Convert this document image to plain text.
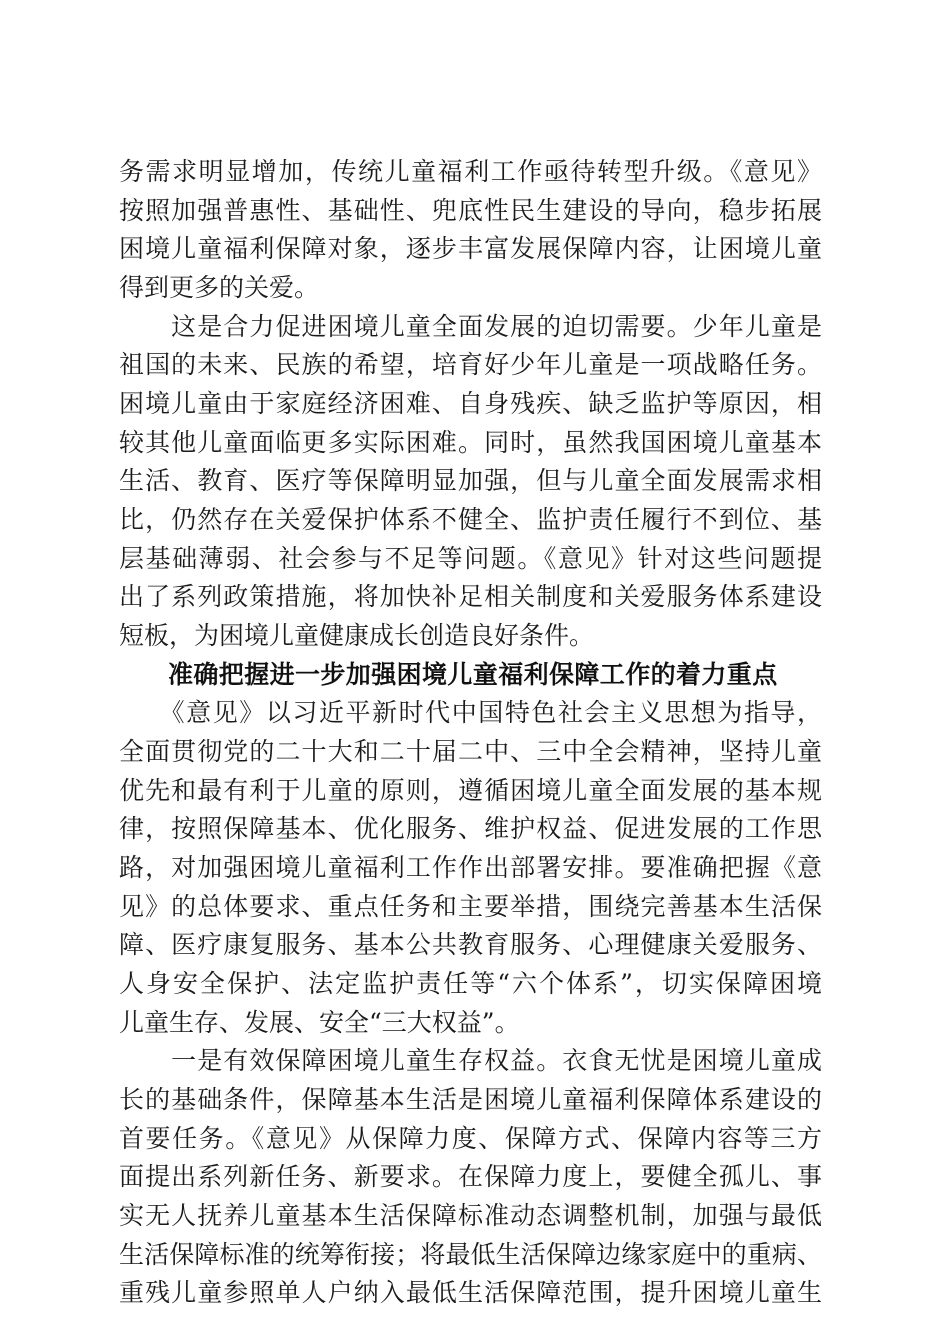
务需求明显增加，传统儿童福利工作亟待转型升级。《意见》
按照加强普惠性、基础性、兜底性民生建设的导向，稳步拓展
困境儿童福利保障对象，逐步丰富发展保障内容，让困境儿童
得到更多的关爱。
　　这是合力促进困境儿童全面发展的迫切需要。少年儿童是
祖国的未来、民族的希望，培育好少年儿童是一项战略任务。
困境儿童由于家庭经济困难、自身残疾、缺乏监护等原因，相
较其他儿童面临更多实际困难。同时，虽然我国困境儿童基本
生活、教育、医疗等保障明显加强，但与儿童全面发展需求相
比，仍然存在关爱保护体系不健全、监护责任履行不到位、基
层基础薄弱、社会参与不足等问题。《意见》针对这些问题提
出了系列政策措施，将加快补足相关制度和关爱服务体系建设
短板，为困境儿童健康成长创造良好条件。
准确把握进一步加强困境儿童福利保障工作的着力重点
　　《意见》以习近平新时代中国特色社会主义思想为指导，
全面贯彻党的二十大和二十届二中、三中全会精神，坚持儿童
优先和最有利于儿童的原则，遵循困境儿童全面发展的基本规
律，按照保障基本、优化服务、维护权益、促进发展的工作思
路，对加强困境儿童福利工作作出部署安排。要准确把握《意
见》的总体要求、重点任务和主要举措，围绕完善基本生活保
障、医疗康复服务、基本公共教育服务、心理健康关爱服务、
人身安全保护、法定监护责任等“六个体系”，切实保障困境
儿童生存、发展、安全“三大权益”。
　　一是有效保障困境儿童生存权益。衣食无忧是困境儿童成
长的基础条件，保障基本生活是困境儿童福利保障体系建设的
首要任务。《意见》从保障力度、保障方式、保障内容等三方
面提出系列新任务、新要求。在保障力度上，要健全孤儿、事
实无人抚养儿童基本生活保障标准动态调整机制，加强与最低
生活保障标准的统筹衔接；将最低生活保障边缘家庭中的重病、
重残儿童参照单人户纳入最低生活保障范围，提升困境儿童生
